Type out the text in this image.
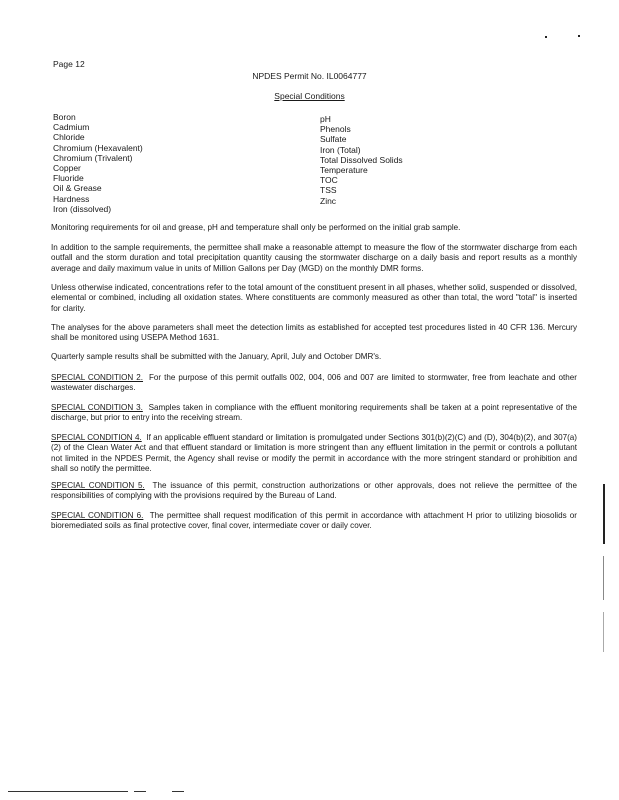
Page 12
NPDES Permit No. IL0064777
Special Conditions
Boron
Cadmium
Chloride
Chromium (Hexavalent)
Chromium (Trivalent)
Copper
Fluoride
Oil & Grease
Hardness
Iron (dissolved)
pH
Phenols
Sulfate
Iron (Total)
Total Dissolved Solids
Temperature
TOC
TSS
Zinc
Monitoring requirements for oil and grease, pH and temperature shall only be performed on the initial grab sample.
In addition to the sample requirements, the permittee shall make a reasonable attempt to measure the flow of the stormwater discharge from each outfall and the storm duration and total precipitation quantity causing the stormwater discharge on a daily basis and report results as a monthly average and daily maximum value in units of Million Gallons per Day (MGD) on the monthly DMR forms.
Unless otherwise indicated, concentrations refer to the total amount of the constituent present in all phases, whether solid, suspended or dissolved, elemental or combined, including all oxidation states. Where constituents are commonly measured as other than total, the word "total" is inserted for clarity.
The analyses for the above parameters shall meet the detection limits as established for accepted test procedures listed in 40 CFR 136. Mercury shall be monitored using USEPA Method 1631.
Quarterly sample results shall be submitted with the January, April, July and October DMR's.
SPECIAL CONDITION 2. For the purpose of this permit outfalls 002, 004, 006 and 007 are limited to stormwater, free from leachate and other wastewater discharges.
SPECIAL CONDITION 3. Samples taken in compliance with the effluent monitoring requirements shall be taken at a point representative of the discharge, but prior to entry into the receiving stream.
SPECIAL CONDITION 4. If an applicable effluent standard or limitation is promulgated under Sections 301(b)(2)(C) and (D), 304(b)(2), and 307(a)(2) of the Clean Water Act and that effluent standard or limitation is more stringent than any effluent limitation in the permit or controls a pollutant not limited in the NPDES Permit, the Agency shall revise or modify the permit in accordance with the more stringent standard or prohibition and shall so notify the permittee.
SPECIAL CONDITION 5. The issuance of this permit, construction authorizations or other approvals, does not relieve the permittee of the responsibilities of complying with the provisions required by the Bureau of Land.
SPECIAL CONDITION 6. The permittee shall request modification of this permit in accordance with attachment H prior to utilizing biosolids or bioremediated soils as final protective cover, final cover, intermediate cover or daily cover.
